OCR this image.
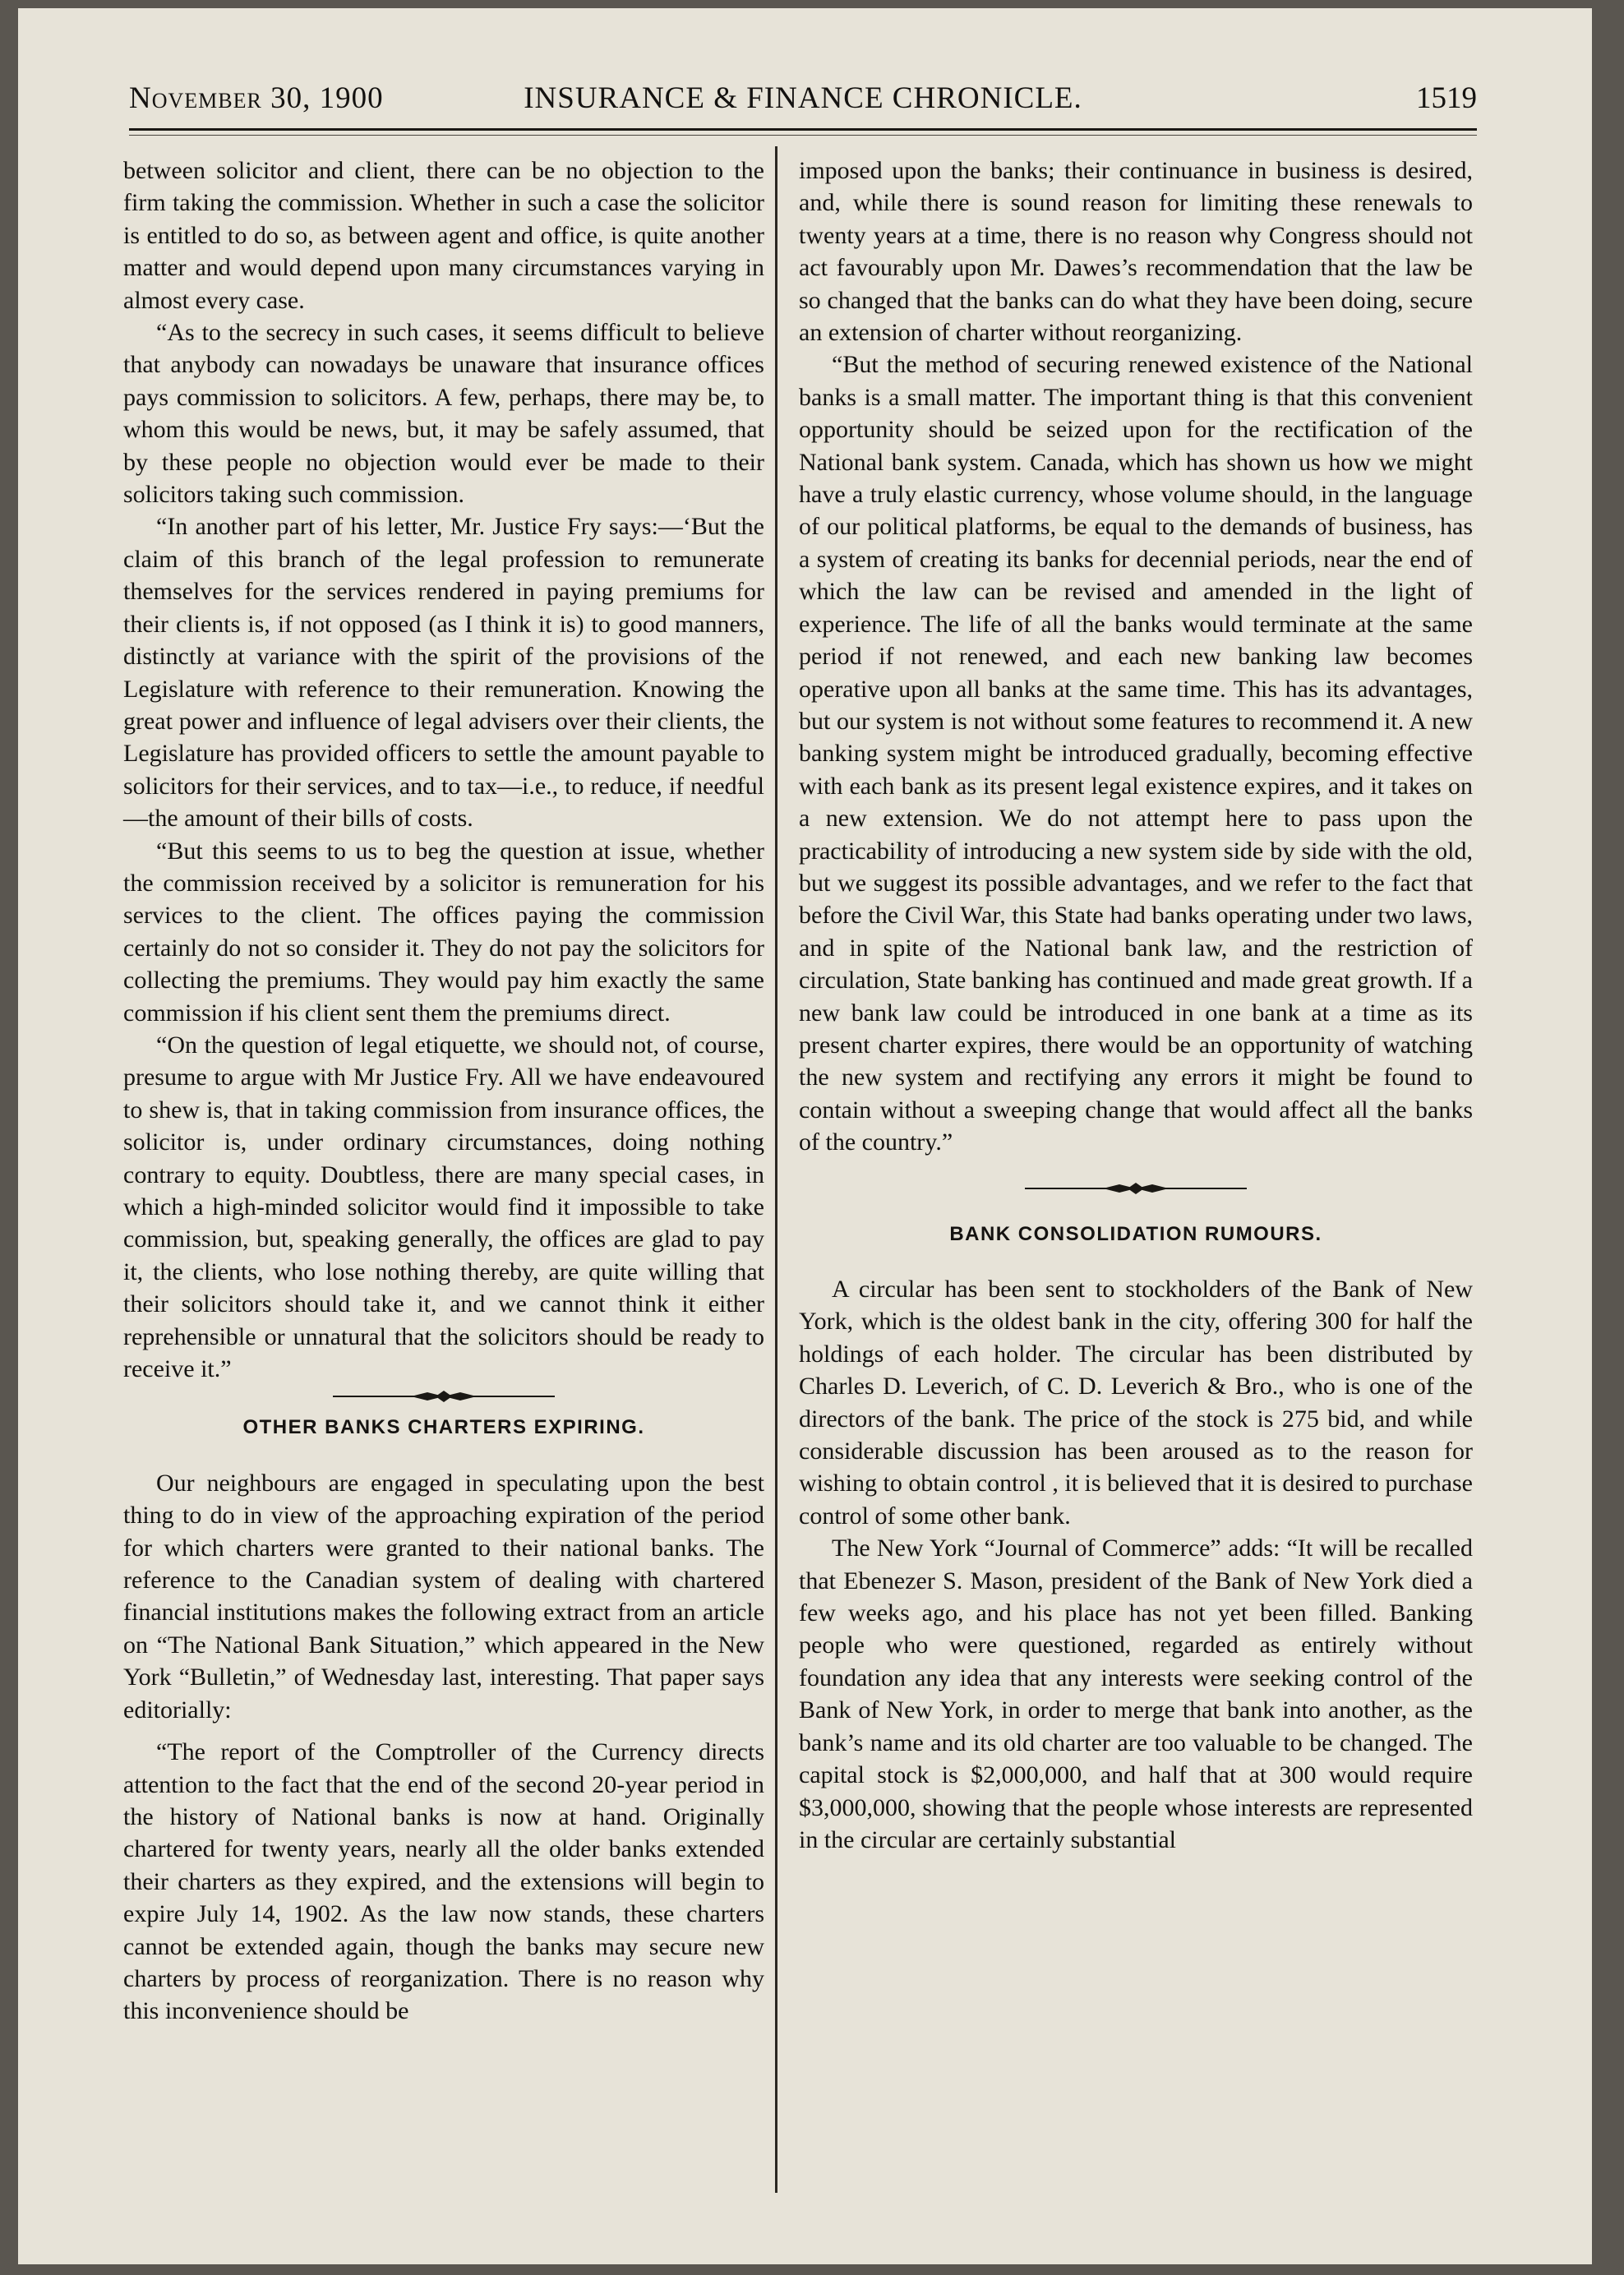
November 30, 1900	INSURANCE & FINANCE CHRONICLE.	1519

between solicitor and client, there can be no objection to the firm taking the commission. Whether in such a case the solicitor is entitled to do so, as between agent and office, is quite another matter and would depend upon many circumstances varying in almost every case.

“As to the secrecy in such cases, it seems difficult to believe that anybody can nowadays be unaware that insurance offices pays commission to solicitors. A few, perhaps, there may be, to whom this would be news, but, it may be safely assumed, that by these people no objection would ever be made to their solicitors taking such commission.

“In another part of his letter, Mr. Justice Fry says:—‘But the claim of this branch of the legal profession to remunerate themselves for the services rendered in paying premiums for their clients is, if not opposed (as I think it is) to good manners, distinctly at variance with the spirit of the provisions of the Legislature with reference to their remuneration. Knowing the great power and influence of legal advisers over their clients, the Legislature has provided officers to settle the amount payable to solicitors for their services, and to tax—i.e., to reduce, if needful—the amount of their bills of costs.

“But this seems to us to beg the question at issue, whether the commission received by a solicitor is remuneration for his services to the client. The offices paying the commission certainly do not so consider it. They do not pay the solicitors for collecting the premiums. They would pay him exactly the same commission if his client sent them the premiums direct.

“On the question of legal etiquette, we should not, of course, presume to argue with Mr Justice Fry. All we have endeavoured to shew is, that in taking commission from insurance offices, the solicitor is, under ordinary circumstances, doing nothing contrary to equity. Doubtless, there are many special cases, in which a high-minded solicitor would find it impossible to take commission, but, speaking generally, the offices are glad to pay it, the clients, who lose nothing thereby, are quite willing that their solicitors should take it, and we cannot think it either reprehensible or unnatural that the solicitors should be ready to receive it.”

OTHER BANKS CHARTERS EXPIRING.

Our neighbours are engaged in speculating upon the best thing to do in view of the approaching expiration of the period for which charters were granted to their national banks. The reference to the Canadian system of dealing with chartered financial institutions makes the following extract from an article on “The National Bank Situation,” which appeared in the New York “Bulletin,” of Wednesday last, interesting. That paper says editorially:

“The report of the Comptroller of the Currency directs attention to the fact that the end of the second 20-year period in the history of National banks is now at hand. Originally chartered for twenty years, nearly all the older banks extended their charters as they expired, and the extensions will begin to expire July 14, 1902. As the law now stands, these charters cannot be extended again, though the banks may secure new charters by process of reorganization. There is no reason why this inconvenience should be

imposed upon the banks; their continuance in business is desired, and, while there is sound reason for limiting these renewals to twenty years at a time, there is no reason why Congress should not act favourably upon Mr. Dawes’s recommendation that the law be so changed that the banks can do what they have been doing, secure an extension of charter without reorganizing.

“But the method of securing renewed existence of the National banks is a small matter. The important thing is that this convenient opportunity should be seized upon for the rectification of the National bank system. Canada, which has shown us how we might have a truly elastic currency, whose volume should, in the language of our political platforms, be equal to the demands of business, has a system of creating its banks for decennial periods, near the end of which the law can be revised and amended in the light of experience. The life of all the banks would terminate at the same period if not renewed, and each new banking law becomes operative upon all banks at the same time. This has its advantages, but our system is not without some features to recommend it. A new banking system might be introduced gradually, becoming effective with each bank as its present legal existence expires, and it takes on a new extension. We do not attempt here to pass upon the practicability of introducing a new system side by side with the old, but we suggest its possible advantages, and we refer to the fact that before the Civil War, this State had banks operating under two laws, and in spite of the National bank law, and the restriction of circulation, State banking has continued and made great growth. If a new bank law could be introduced in one bank at a time as its present charter expires, there would be an opportunity of watching the new system and rectifying any errors it might be found to contain without a sweeping change that would affect all the banks of the country.”

BANK CONSOLIDATION RUMOURS.

A circular has been sent to stockholders of the Bank of New York, which is the oldest bank in the city, offering 300 for half the holdings of each holder. The circular has been distributed by Charles D. Leverich, of C. D. Leverich & Bro., who is one of the directors of the bank. The price of the stock is 275 bid, and while considerable discussion has been aroused as to the reason for wishing to obtain control , it is believed that it is desired to purchase control of some other bank.

The New York “Journal of Commerce” adds: “It will be recalled that Ebenezer S. Mason, president of the Bank of New York died a few weeks ago, and his place has not yet been filled. Banking people who were questioned, regarded as entirely without foundation any idea that any interests were seeking control of the Bank of New York, in order to merge that bank into another, as the bank’s name and its old charter are too valuable to be changed. The capital stock is $2,000,000, and half that at 300 would require $3,000,000, showing that the people whose interests are represented in the circular are certainly substantial
